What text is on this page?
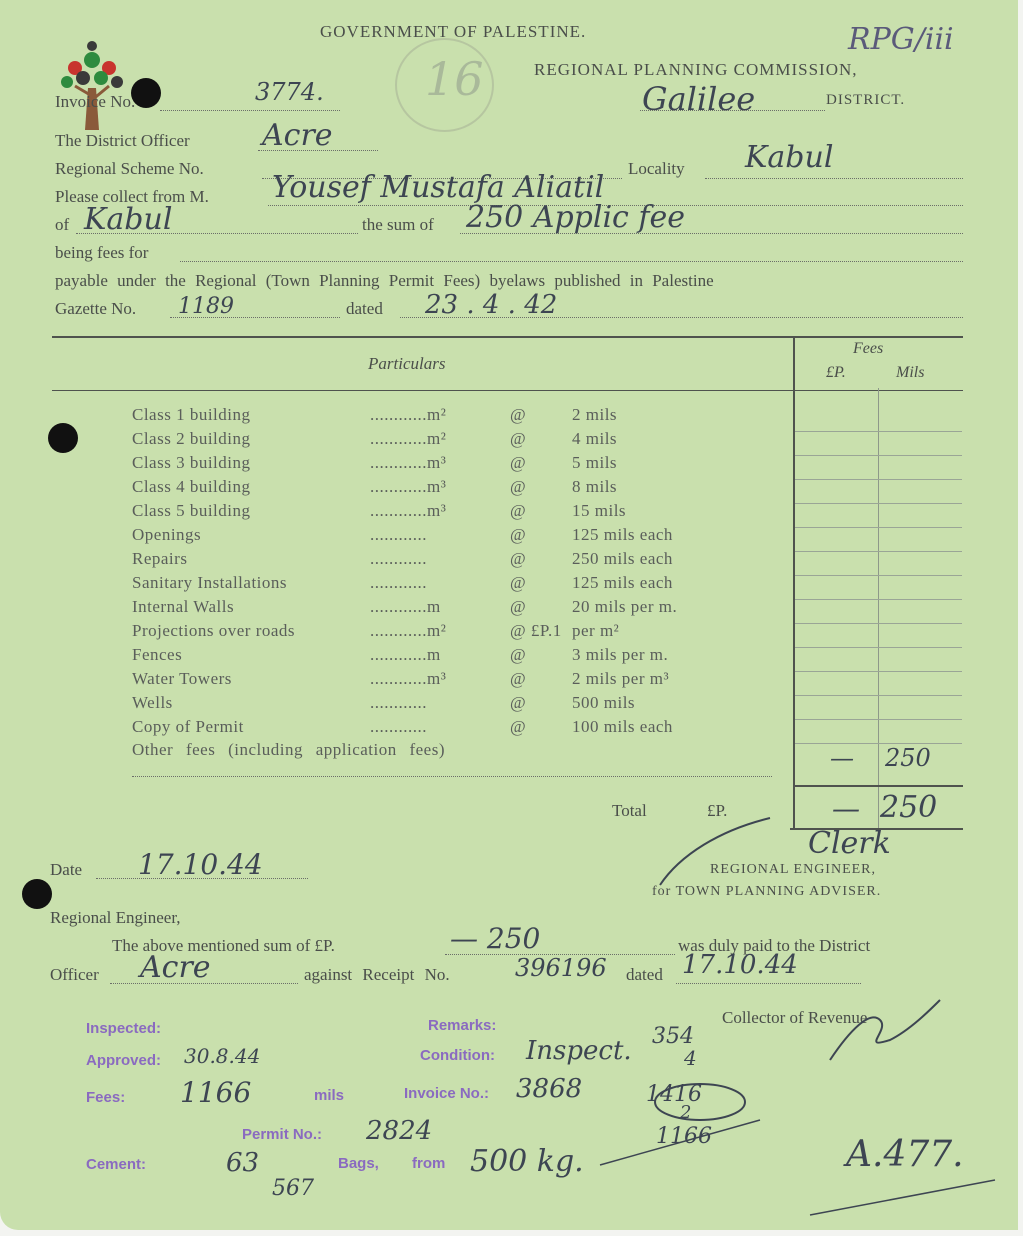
GOVERNMENT OF PALESTINE.
REGIONAL PLANNING COMMISSION,
RPG/iii
16
Invoice No.	3774.	Galilee	DISTRICT.
The District Officer Acre
Regional Scheme No.	Locality Kabul
Please collect from M. Yousef Mustafa Aliatil
of Kabul	the sum of 250 Applic fee
being fees for
payable under the Regional (Town Planning Permit Fees) byelaws published in Palestine
Gazette No. 1189	dated 23 . 4 . 42
Particulars
Fees
£P.	Mils
Class 1 building	............m²	@	2 mils
Class 2 building	............m²	@	4 mils
Class 3 building	............m³	@	5 mils
Class 4 building	............m³	@	8 mils
Class 5 building	............m³	@	15 mils
Openings	............	@	125 mils each
Repairs	............	@	250 mils each
Sanitary Installations	............	@	125 mils each
Internal Walls	............m	@	20 mils per m.
Projections over roads	............m²	@ £P.1 per m²
Fences	............m	@	3 mils per m.
Water Towers	............m³	@	2 mils per m³
Wells	............	@	500 mils
Copy of Permit	............	@	100 mils each
Other fees (including application fees)	— 250
Total	£P.	— 250
Date 17.10.44
Clerk
REGIONAL ENGINEER,
for TOWN PLANNING ADVISER.
Regional Engineer,
The above mentioned sum of £P.	— 250	was duly paid to the District
Officer Acre	against Receipt No.	396196 dated 17.10.44
Collector of Revenue
Inspected:
Approved: 30.8.44
Fees: 1166	mils
Remarks:
Condition: Inspect.
Invoice No.: 3868
Permit No.: 2824
Cement:	63
567
Bags, from 500 kg.
354
4
1416
2
1166	A.477.
